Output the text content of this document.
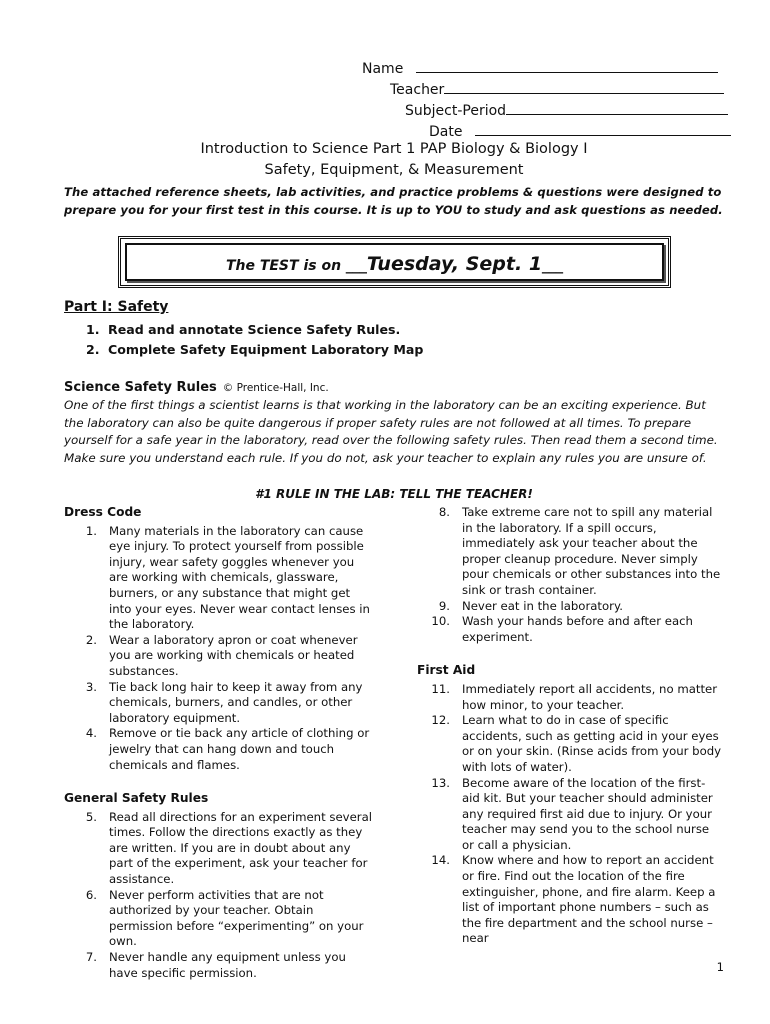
Name
Teacher
Subject-Period
Date
Introduction to Science Part 1 PAP Biology & Biology I
Safety, Equipment, & Measurement
The attached reference sheets, lab activities, and practice problems & questions were designed to prepare you for your first test in this course. It is up to YOU to study and ask questions as needed.
The TEST is on ___Tuesday, Sept. 1___
Part I: Safety
1. Read and annotate Science Safety Rules.
2. Complete Safety Equipment Laboratory Map
Science Safety Rules © Prentice-Hall, Inc.
One of the first things a scientist learns is that working in the laboratory can be an exciting experience. But the laboratory can also be quite dangerous if proper safety rules are not followed at all times. To prepare yourself for a safe year in the laboratory, read over the following safety rules. Then read them a second time. Make sure you understand each rule. If you do not, ask your teacher to explain any rules you are unsure of.
#1 RULE IN THE LAB: TELL THE TEACHER!
Dress Code
1. Many materials in the laboratory can cause eye injury. To protect yourself from possible injury, wear safety goggles whenever you are working with chemicals, glassware, burners, or any substance that might get into your eyes. Never wear contact lenses in the laboratory.
2. Wear a laboratory apron or coat whenever you are working with chemicals or heated substances.
3. Tie back long hair to keep it away from any chemicals, burners, and candles, or other laboratory equipment.
4. Remove or tie back any article of clothing or jewelry that can hang down and touch chemicals and flames.
General Safety Rules
5. Read all directions for an experiment several times. Follow the directions exactly as they are written. If you are in doubt about any part of the experiment, ask your teacher for assistance.
6. Never perform activities that are not authorized by your teacher. Obtain permission before “experimenting” on your own.
7. Never handle any equipment unless you have specific permission.
8. Take extreme care not to spill any material in the laboratory. If a spill occurs, immediately ask your teacher about the proper cleanup procedure. Never simply pour chemicals or other substances into the sink or trash container.
9. Never eat in the laboratory.
10. Wash your hands before and after each experiment.
First Aid
11. Immediately report all accidents, no matter how minor, to your teacher.
12. Learn what to do in case of specific accidents, such as getting acid in your eyes or on your skin. (Rinse acids from your body with lots of water).
13. Become aware of the location of the first-aid kit. But your teacher should administer any required first aid due to injury. Or your teacher may send you to the school nurse or call a physician.
14. Know where and how to report an accident or fire. Find out the location of the fire extinguisher, phone, and fire alarm. Keep a list of important phone numbers – such as the fire department and the school nurse – near
1
